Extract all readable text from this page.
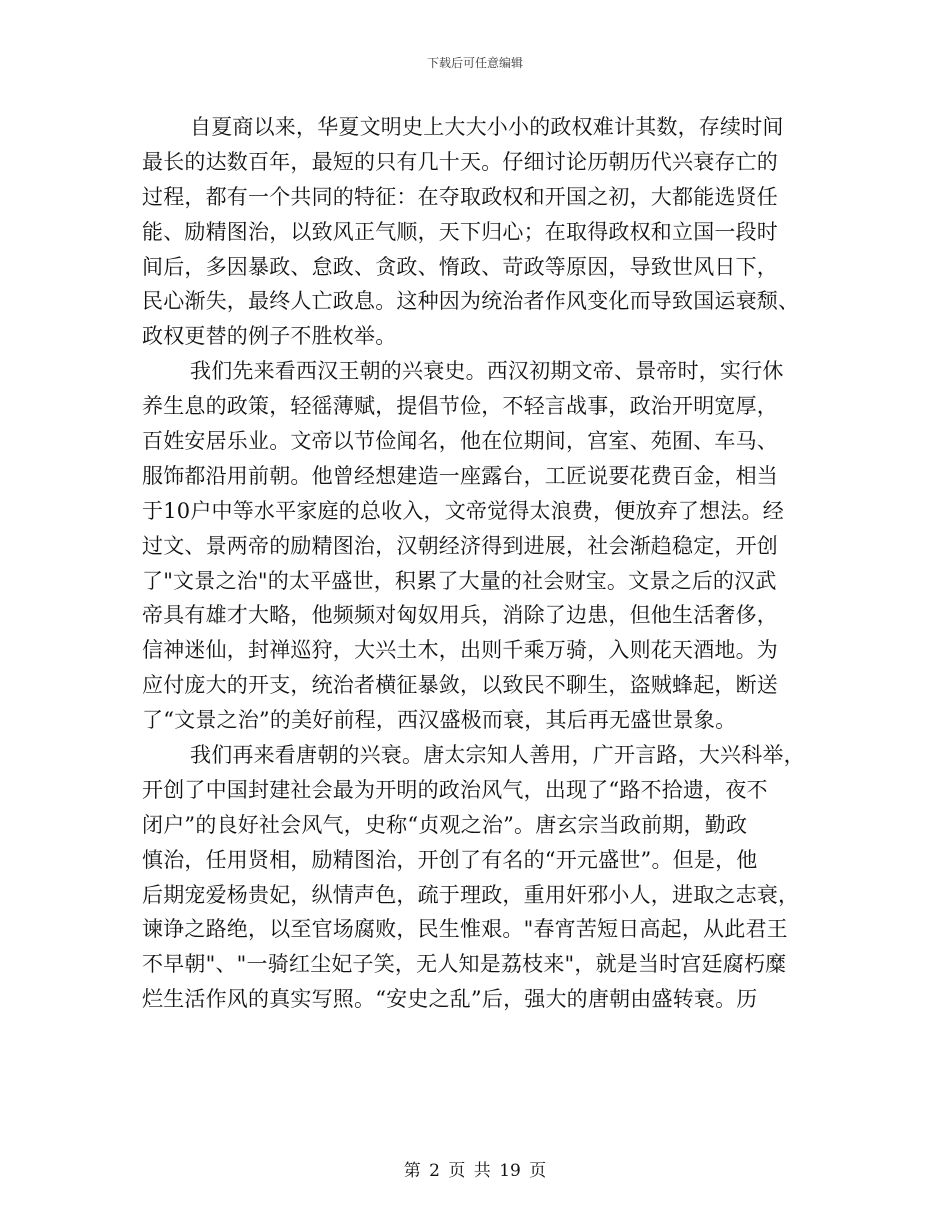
下载后可任意编辑
自夏商以来，华夏文明史上大大小小的政权难计其数，存续时间
最长的达数百年，最短的只有几十天。仔细讨论历朝历代兴衰存亡的
过程，都有一个共同的特征：在夺取政权和开国之初，大都能选贤任
能、励精图治，以致风正气顺，天下归心；在取得政权和立国一段时
间后，多因暴政、怠政、贪政、惰政、苛政等原因，导致世风日下，
民心渐失，最终人亡政息。这种因为统治者作风变化而导致国运衰颓、
政权更替的例子不胜枚举。
我们先来看西汉王朝的兴衰史。西汉初期文帝、景帝时，实行休
养生息的政策，轻徭薄赋，提倡节俭，不轻言战事，政治开明宽厚，
百姓安居乐业。文帝以节俭闻名，他在位期间，宫室、苑囿、车马、
服饰都沿用前朝。他曾经想建造一座露台，工匠说要花费百金，相当
于10户中等水平家庭的总收入，文帝觉得太浪费，便放弃了想法。经
过文、景两帝的励精图治，汉朝经济得到进展，社会渐趋稳定，开创
了"文景之治"的太平盛世，积累了大量的社会财宝。文景之后的汉武
帝具有雄才大略，他频频对匈奴用兵，消除了边患，但他生活奢侈，
信神迷仙，封禅巡狩，大兴土木，出则千乘万骑，入则花天酒地。为
应付庞大的开支，统治者横征暴敛，以致民不聊生，盗贼蜂起，断送
了“文景之治”的美好前程，西汉盛极而衰，其后再无盛世景象。
我们再来看唐朝的兴衰。唐太宗知人善用，广开言路，大兴科举，
开创了中国封建社会最为开明的政治风气，出现了“路不拾遗，夜不
闭户”的良好社会风气，史称“贞观之治”。唐玄宗当政前期，勤政
慎治，任用贤相，励精图治，开创了有名的“开元盛世”。但是，他
后期宠爱杨贵妃，纵情声色，疏于理政，重用奸邪小人，进取之志衰，
谏诤之路绝，以至官场腐败，民生惟艰。"春宵苦短日高起，从此君王
不早朝"、"一骑红尘妃子笑，无人知是荔枝来"，就是当时宫廷腐朽糜
烂生活作风的真实写照。“安史之乱”后，强大的唐朝由盛转衰。历
第 2 页 共 19 页
